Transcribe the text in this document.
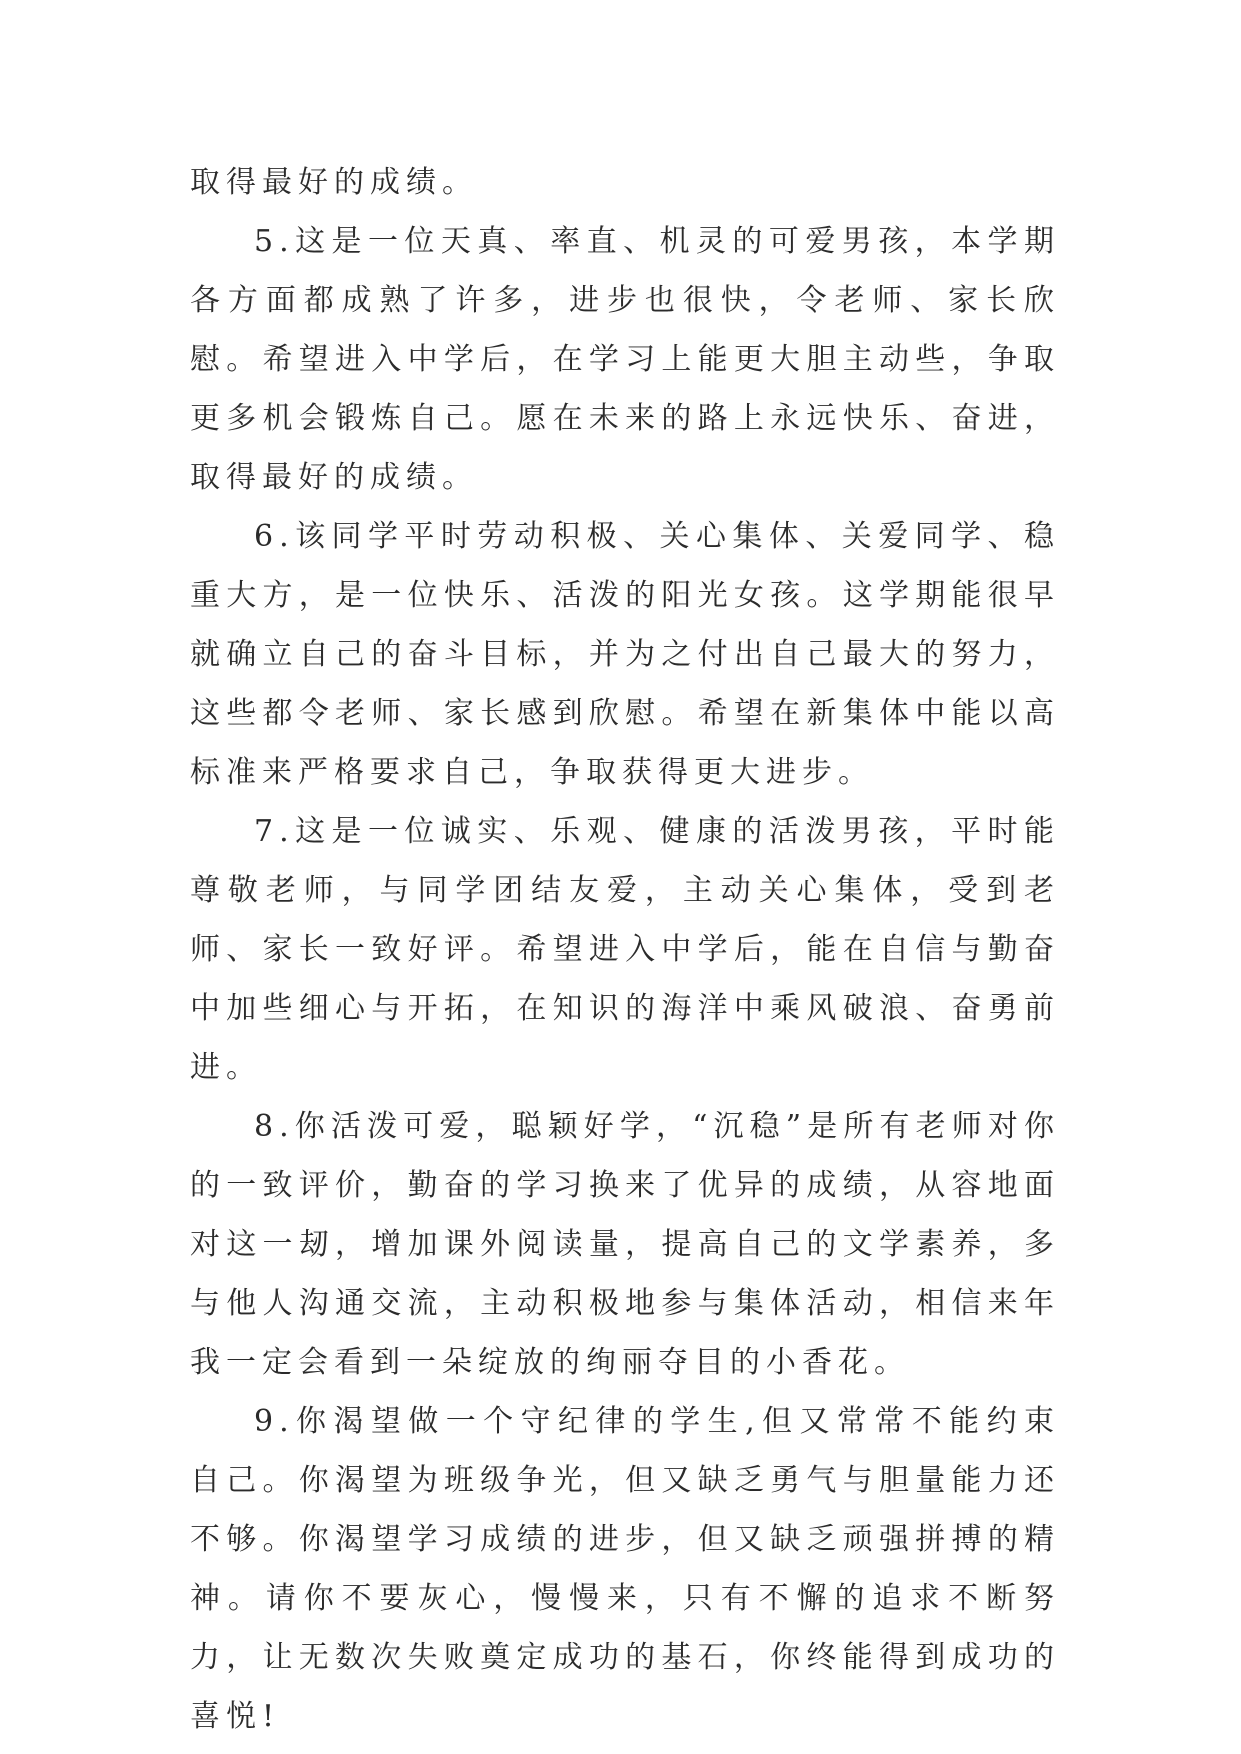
取得最好的成绩。

5.这是一位天真、率直、机灵的可爱男孩，本学期各方面都成熟了许多，进步也很快，令老师、家长欣慰。希望进入中学后，在学习上能更大胆主动些，争取更多机会锻炼自己。愿在未来的路上永远快乐、奋进，取得最好的成绩。

6.该同学平时劳动积极、关心集体、关爱同学、稳重大方，是一位快乐、活泼的阳光女孩。这学期能很早就确立自己的奋斗目标，并为之付出自己最大的努力，这些都令老师、家长感到欣慰。希望在新集体中能以高标准来严格要求自己，争取获得更大进步。

7.这是一位诚实、乐观、健康的活泼男孩，平时能尊敬老师，与同学团结友爱，主动关心集体，受到老师、家长一致好评。希望进入中学后，能在自信与勤奋中加些细心与开拓，在知识的海洋中乘风破浪、奋勇前进。

8.你活泼可爱，聪颖好学，“沉稳”是所有老师对你的一致评价，勤奋的学习换来了优异的成绩，从容地面对这一刼，增加课外阅读量，提高自己的文学素养，多与他人沟通交流，主动积极地参与集体活动，相信来年我一定会看到一朵绽放的绚丽夺目的小香花。

9.你渴望做一个守纪律的学生,但又常常不能约束自己。你渴望为班级争光，但又缺乏勇气与胆量能力还不够。你渴望学习成绩的进步，但又缺乏顽强拼搏的精神。请你不要灰心，慢慢来，只有不懈的追求不断努力，让无数次失败奠定成功的基石，你终能得到成功的喜悦!
